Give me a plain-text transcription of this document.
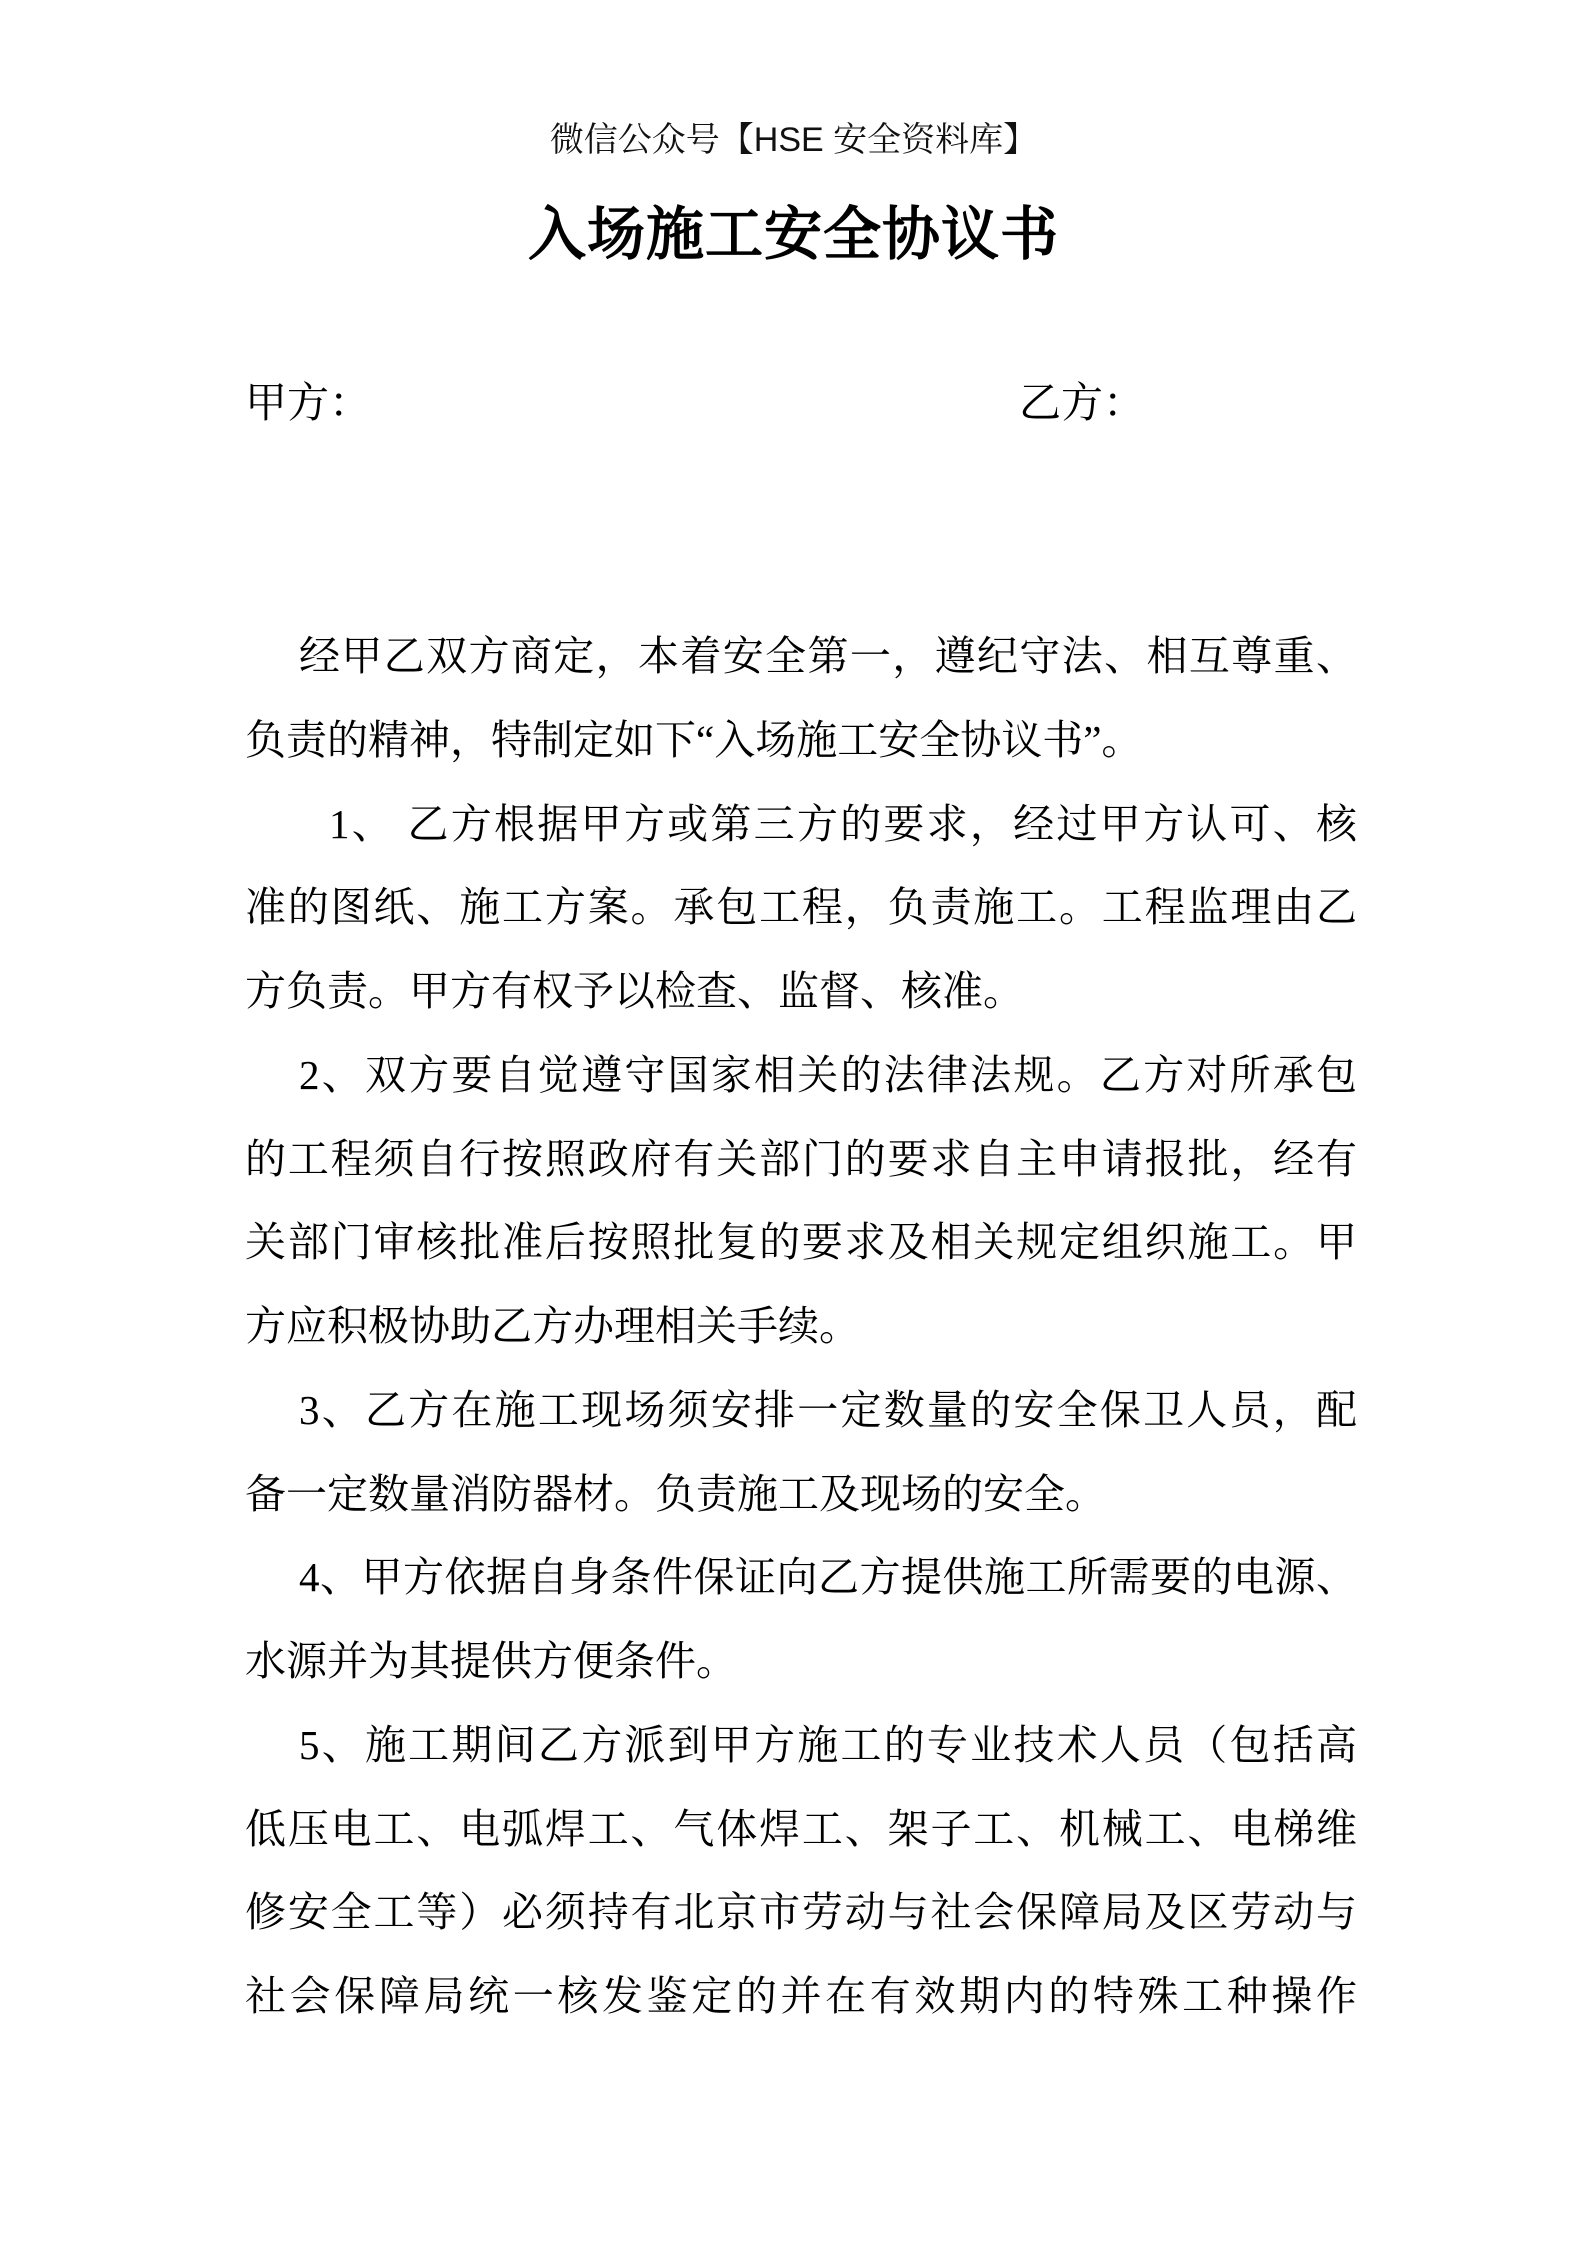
微信公众号【HSE 安全资料库】
入场施工安全协议书
甲方：	乙方：
经甲乙双方商定，本着安全第一，遵纪守法、相互尊重、
负责的精神，特制定如下“入场施工安全协议书”。
1、 乙方根据甲方或第三方的要求，经过甲方认可、核
准的图纸、施工方案。承包工程，负责施工。工程监理由乙
方负责。甲方有权予以检查、监督、核准。
2、双方要自觉遵守国家相关的法律法规。乙方对所承包
的工程须自行按照政府有关部门的要求自主申请报批，经有
关部门审核批准后按照批复的要求及相关规定组织施工。甲
方应积极协助乙方办理相关手续。
3、乙方在施工现场须安排一定数量的安全保卫人员，配
备一定数量消防器材。负责施工及现场的安全。
4、甲方依据自身条件保证向乙方提供施工所需要的电源、
水源并为其提供方便条件。
5、施工期间乙方派到甲方施工的专业技术人员（包括高
低压电工、电弧焊工、气体焊工、架子工、机械工、电梯维
修安全工等）必须持有北京市劳动与社会保障局及区劳动与
社会保障局统一核发鉴定的并在有效期内的特殊工种操作
